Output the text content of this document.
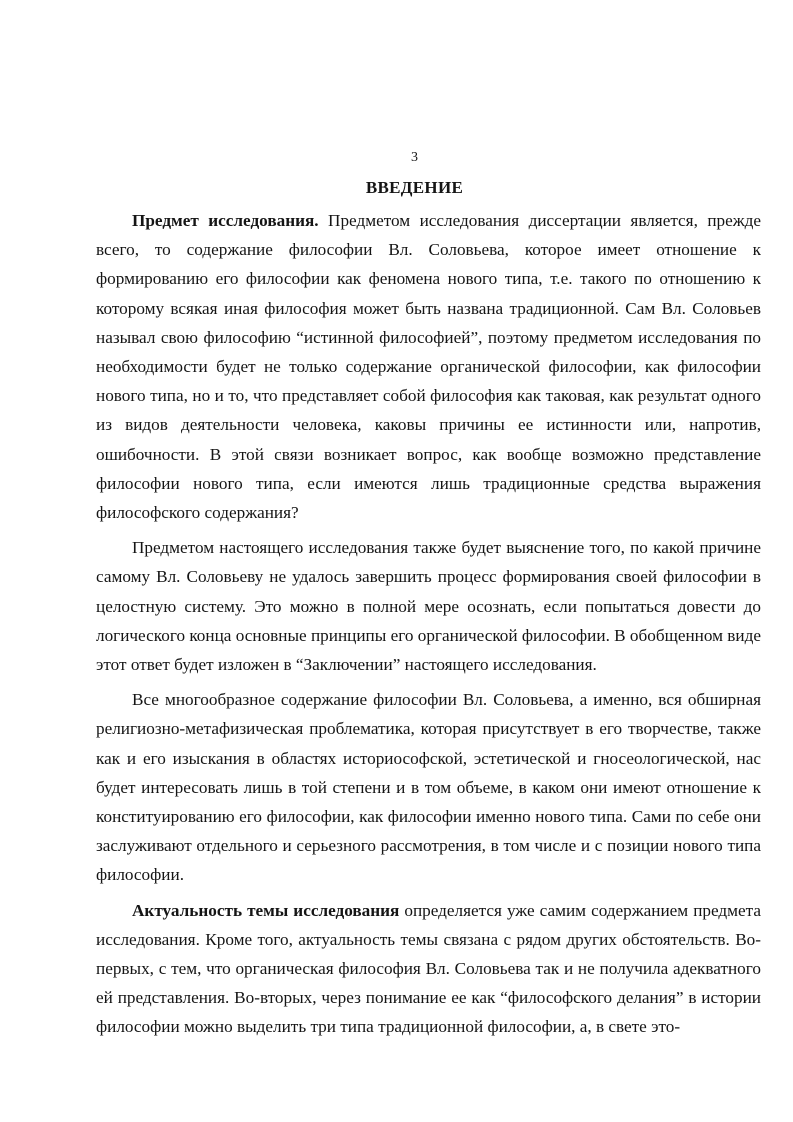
3
ВВЕДЕНИЕ

Предмет исследования. Предметом исследования диссертации является, прежде всего, то содержание философии Вл. Соловьева, которое имеет отношение к формированию его философии как феномена нового типа, т.е. такого по отношению к которому всякая иная философия может быть названа традиционной. Сам Вл. Соловьев называл свою философию “истинной философией”, поэтому предметом исследования по необходимости будет не только содержание органической философии, как философии нового типа, но и то, что представляет собой философия как таковая, как результат одного из видов деятельности человека, каковы причины ее истинности или, напротив, ошибочности. В этой связи возникает вопрос, как вообще возможно представление философии нового типа, если имеются лишь традиционные средства выражения философского содержания?

Предметом настоящего исследования также будет выяснение того, по какой причине самому Вл. Соловьеву не удалось завершить процесс формирования своей философии в целостную систему. Это можно в полной мере осознать, если попытаться довести до логического конца основные принципы его органической философии. В обобщенном виде этот ответ будет изложен в “Заключении” настоящего исследования.

Все многообразное содержание философии Вл. Соловьева, а именно, вся обширная религиозно-метафизическая проблематика, которая присутствует в его творчестве, также как и его изыскания в областях историософской, эстетической и гносеологической, нас будет интересовать лишь в той степени и в том объеме, в каком они имеют отношение к конституированию его философии, как философии именно нового типа. Сами по себе они заслуживают отдельного и серьезного рассмотрения, в том числе и с позиции нового типа философии.

Актуальность темы исследования определяется уже самим содержанием предмета исследования. Кроме того, актуальность темы связана с рядом других обстоятельств. Во-первых, с тем, что органическая философия Вл. Соловьева так и не получила адекватного ей представления. Во-вторых, через понимание ее как “философского делания” в истории философии можно выделить три типа традиционной философии, а, в свете это-
